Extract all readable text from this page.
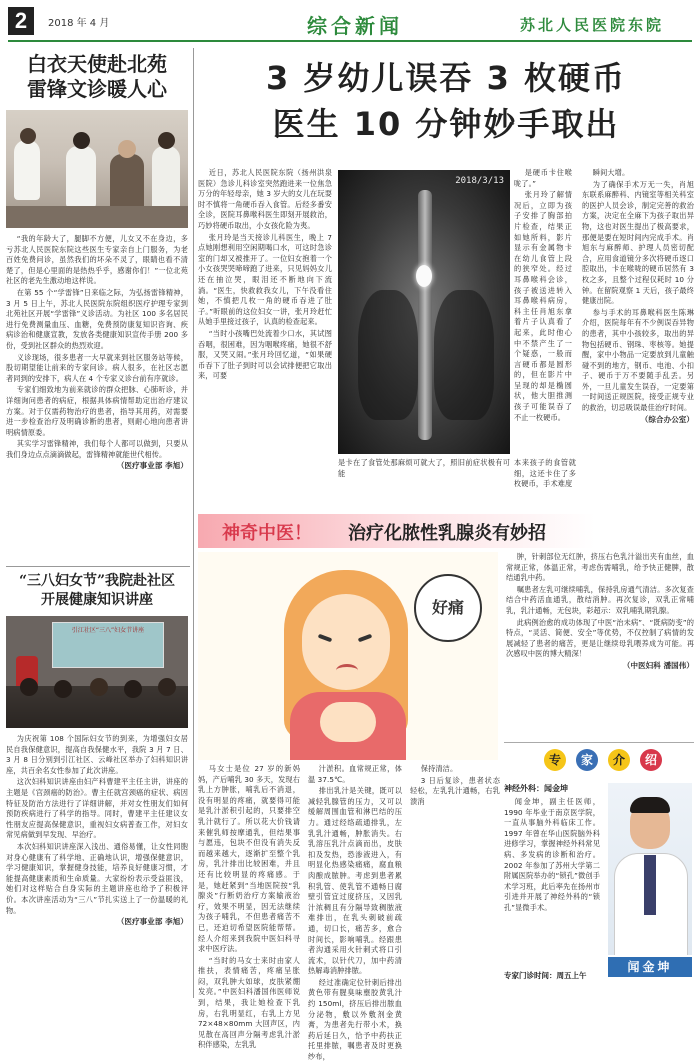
2	2018 年 4 月	综合新闻	苏北人民医院东院
白衣天使赴北苑
雷锋文诊暖人心

“我的年龄大了，腿脚不方便，儿女又不在身边，多亏苏北人民医院东院这些医生专家亲自上门服务，为老百姓免费问诊，虽然我们的坏朵不灵了，眼睛也看不清楚了，但是心里面的是热热乎乎，感谢你们！”一位北苑社区的老先生激动地这样说。

在第 55 个“学雷锋”日来临之际，为弘扬雷锋精神，3 月 5 日上午，苏北人民医院东院组织医疗护理专家到北苑社区开展“学雷锋”义诊活动。为社区 100 多名居民进行免费测量血压、血糖，免费预防康复知识咨询、疾病诊治和健康宣教，发放各类健康知识宣传手册 200 多份，受到社区群众的热烈欢迎。

义诊现场，很多患者一大早就来到社区服务站等候，股切期望能让前来的专家问诊。病人很多，在社区志愿者同到的安排下，病人在 4 个专家义诊台前有序就诊。

专家们细致地为前来就诊的群众把脉、心肺听诊，并详细询问患者的病症，根据具体病情帮助定出治疗建议方案。对于仅需药物治疗的患者，指导其用药，对需要进一步检查治疗及明确诊断的患者，则耐心地向患者讲明病情原委。

其实学习雷锋精神，我们每个人都可以做到，只要从我们身边点点滴滴做起，雷锋精神就能世代相传。

（医疗事业部 李旭）
“三八妇女节”我院赴社区
开展健康知识讲座
引江社区“三八”妇女节讲座

为庆祝第 108 个国际妇女节的到来，为增强妇女居民自我保健意识，提高自我保健水平，我院 3 月 7 日、3 月 8 日分别到引江社区、云峰社区举办了妇科知识讲座，共百余名女性参加了此次讲座。

这次妇科知识讲座由妇产科曹建平主任主讲，讲座的主题是《宫颈癌的防治》。曹主任就宫颈癌的症状、病因特征及防治方法进行了详细讲解，并对女性朋友们如何预防疾病进行了科学的指导。同时，曹建平主任建议女性朋友应提高保健意识，重视妇女病普查工作，对妇女常见病做到早发现、早治疗。

本次妇科知识讲座深入浅出、通俗易懂，让女性同胞对身心健康有了科学地、正确地认识，增强保健意识，学习健康知识，掌握健身技能，培养良好健康习惯，才能提高健康素质和生命质量。大家纷纷表示受益匪浅，她们对这样贴合自身实际的主题讲座也给予了积极评价。本次讲座活动为“三八”节扎实送上了一份温暖的礼物。

（医疗事业部 李旭）
3 岁幼儿误吞 3 枚硬币
医生 10 分钟妙手取出

近日，苏北人民医院东院（扬州洪泉医院）急诊儿科诊室突然跑进来一位焦急万分的年轻母亲，她 3 岁大的女儿在玩耍时不慎将一角硬币吞入食管。后经多番安全诊，医院耳鼻喉科医生即刻开展救治，巧妙将硬币取出，小女孩化险为夷。

张月玲是当天接诊儿科医生，晚上 7 点她刚想利用空闲期喝口水，可这时急诊室的门却又被推开了。一位妇女抱着一个小女孩哭哭啼啼跑了进来，只见妈妈女儿还在抽泣哭，眼泪还不断地向下流淌。“医生，快救救我女儿，下午没看住她，不慎把几枚一角的硬币吞进了肚子。”听眼前的这位妇女一讲，张月玲赶忙从她手里接过孩子，认真的检查起来。

“当时小孩嘴巴处流着少口水，其试图吞咽，很困难，因为咽喉疼痛，她很不舒服，又哭又闹。”张月玲回忆道，“如果硬币吞下了肚子到时可以会试排便把它取出来，可要

2018/3/13
是卡在了食管处那麻烦可就大了，照旧前症状极有可能

是硬币卡住喉咙了。”

张月玲了解情况后，立即为孩子安排了胸部拍片检查，结果正如她所料，影片显示有金属物卡在幼儿食管上段的狭窄处。经过耳鼻喉科会诊，孩子被送进转入耳鼻喉科病房，科主任肖旭东拿着片子认真看了起来，此时他心中不禁产生了一个疑惑，一般而言硬币都是圆形的，但在影片中呈现的却是椭圆状，他大胆推测孩子可能误吞了不止一枚硬币。

本来孩子的食管就细，这还卡住了多枚硬币，手术难度

瞬间大增。

为了确保手术万无一失，肖旭东联系麻醉科、内镜室等相关科室的医护人员会诊，制定完善的救治方案，决定在全麻下为孩子取出异物，这也对医生提出了极高要求，那便是要在短时间内完成手术。肖旭东与麻醉师、护理人员密切配合，应用食道镜分多次将硬币逐口腔取出，卡在喉咙的硬币居然有 3 枚之多，且整个过程仅耗时 10 分钟。在留院观察 1 天后，孩子最终健康出院。

参与手术的耳鼻喉科医生陈琳介绍，医院每年有不少例误吞异物的患者，其中小孩较多，取出的异物包括硬币、钢珠、枣核等。她提醒，家中小物品一定要放到儿童触碰不到的地方，钢币、电池、小扣子、硬币于万不要随手乱丢。另外，一旦儿童发生误吞，一定要第一时间送正规医院，接受正规专业的救治，切忌吸误最佳治疗时间。

（综合办公室）
神奇中医！ 治疗化脓性乳腺炎有妙招
好痛

马女士是位 27 岁的新妈妈，产后哺乳 30 多天，发现右乳上方肿胀，哺乳后不消退，没有明显的疼痛，就要得可能是乳汁淤积引起的，只要排空乳汁就行了。所以花大价钱请来催乳师按摩通乳，但结果事与愿违，包块不但没有消失反而越来越大，逐渐扩至整个乳房，乳汁排出比较困难，并且还有比较明显的疼痛感。于是，她赶紧到“当地医院按“乳腺炎”行断奶治疗方案输液治疗，效果不明显，因无法继续为孩子哺乳，不但患者痛苦不已，还迫切希望医院能帮帮。经人介绍来到我院中医妇科寻求中医疗法。

“当时的马女士来时由家人推扶，表情痛苦，疼痛呈胀闷，双乳肿大如球，皮肤紧绷发亮。”中医妇科潘国伟医师说到，结果，我让她检查下乳房，右乳明显红，右乳上方见 72×48×80mm 大回声区，内见散在高回声分隔考虑乳汁淤积伴感染，左乳乳

汁淤积。血常规正常，体温 37.5℃。

排出乳汁是关键，既可以减轻乳腺管的压力，又可以缓解周围血管和淋巴结的压力。通过经络疏通排乳，左乳乳汁通畅，肿胀消失。右乳溶压乳汁点滴而出，皮肤扣及发热，恐渗液进入，有明显化热感染痛痛，腐血粮肉酿成脓肿。考虑到患者累积乳管、使乳管不通畅日腐壁引管宜过度挤压，又因乳汁浓稠且有分隔导致稠脓液难排出，在乳头刺破前疏通，切口长，痛苦多，愈合时间长，影响哺乳。经跟患者沟通采用火针刺式将口引流术，以针代刀，加中药清热解毒消肿排脓。

经过准确定位针刺后排出黄色带有腥臭味壅胶黄乳汁约 150ml，挤压后排出脓血分泌物，敷以外敷剂金黄膏，为患者先行带小术，换药后延日久，恰予中药扶正托里排脓，嘱患者及时更换纱布，

保持清洁。

3 日后复诊，患者状态轻松，左乳乳汁通畅，右乳溃消

肿，针刺部位无红肿，挤压右色乳汁溢出夹有血丝，血常规正常，体温正常，考虑伤需哺乳，给予快正健脾，散结通乳中药。

嘱患者左乳可继续哺乳，保持乳房通气清洁。多次复查结合中药活血通乳，散结消肿。再次复诊，双乳正常哺乳，乳汁通畅，无包块，彩超示：双乳哺乳期乳腺。

此病例治愈的成功体现了中医“治未病”、“既病防变”的特点，“灵活、简便、安全”等优势，不仅控制了病情的发展减轻了患者的痛苦，更是让继续母乳喂养成为可能。再次感叹中医的博大精深！

（中医妇科 潘国伟）
专	家	介	绍
神经外科：闻金坤

闻金坤，副主任医师，1990 年毕业于南京医学院，一直从事脑外科临床工作。1997 年曾在华山医院脑外科进修学习，掌握神经外科常见病、多发病的诊断和治疗。2002 年参加了苏州大学第二附属医院举办的“锁孔”微创手术学习班，此后率先在扬州市引进并开展了神经外科的“锁孔”显微手术。

专家门诊时间：周五上午
闻金坤
